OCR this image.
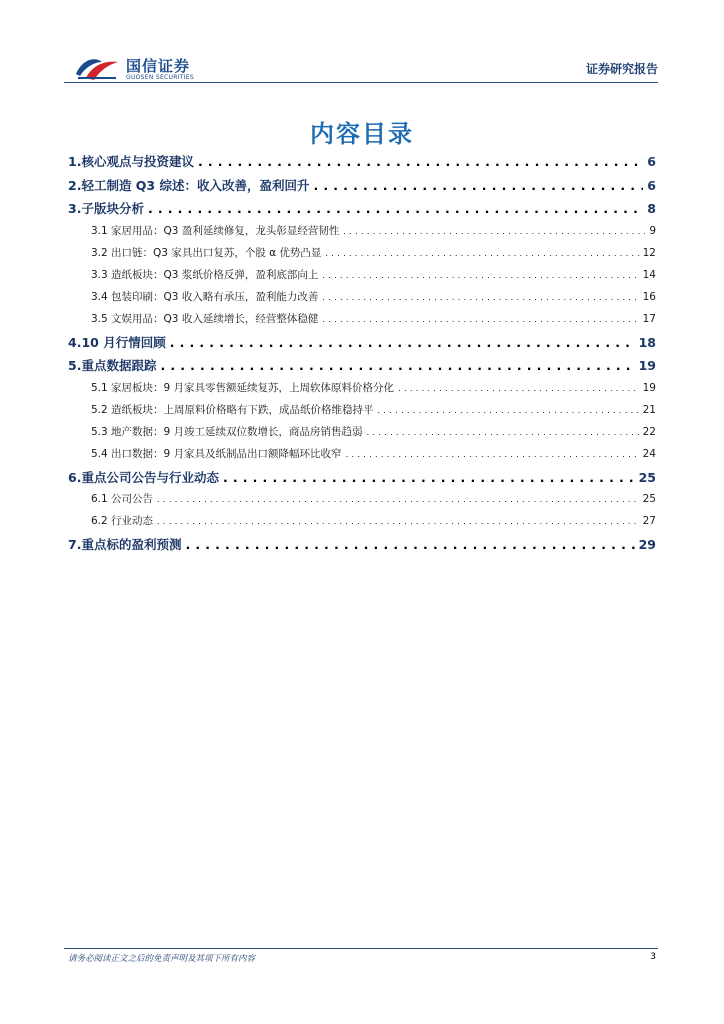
国信证券
GUOSEN SECURITIES
证券研究报告
内容目录
1.核心观点与投资建议 . . .	6
2.轻工制造 Q3 综述：收入改善，盈利回升 . . .	6
3.子版块分析 . . .	8
3.1 家居用品：Q3 盈利延续修复，龙头彰显经营韧性 . . .	9
3.2 出口链：Q3 家具出口复苏，个股 α 优势凸显 . . .	12
3.3 造纸板块：Q3 浆纸价格反弹，盈利底部向上 . . .	14
3.4 包装印刷：Q3 收入略有承压，盈利能力改善 . . .	16
3.5 文娱用品：Q3 收入延续增长，经营整体稳健 . . .	17
4.10 月行情回顾 . . .	18
5.重点数据跟踪 . . .	19
5.1 家居板块：9 月家具零售额延续复苏，上周软体原料价格分化 . . .	19
5.2 造纸板块：上周原料价格略有下跌，成品纸价格维稳持平 . . .	21
5.3 地产数据：9 月竣工延续双位数增长，商品房销售趋弱 . . .	22
5.4 出口数据：9 月家具及纸制品出口额降幅环比收窄 . . .	24
6.重点公司公告与行业动态 . . .	25
6.1 公司公告 . . .	25
6.2 行业动态 . . .	27
7.重点标的盈利预测 . . .	29
请务必阅读正文之后的免责声明及其项下所有内容	3
